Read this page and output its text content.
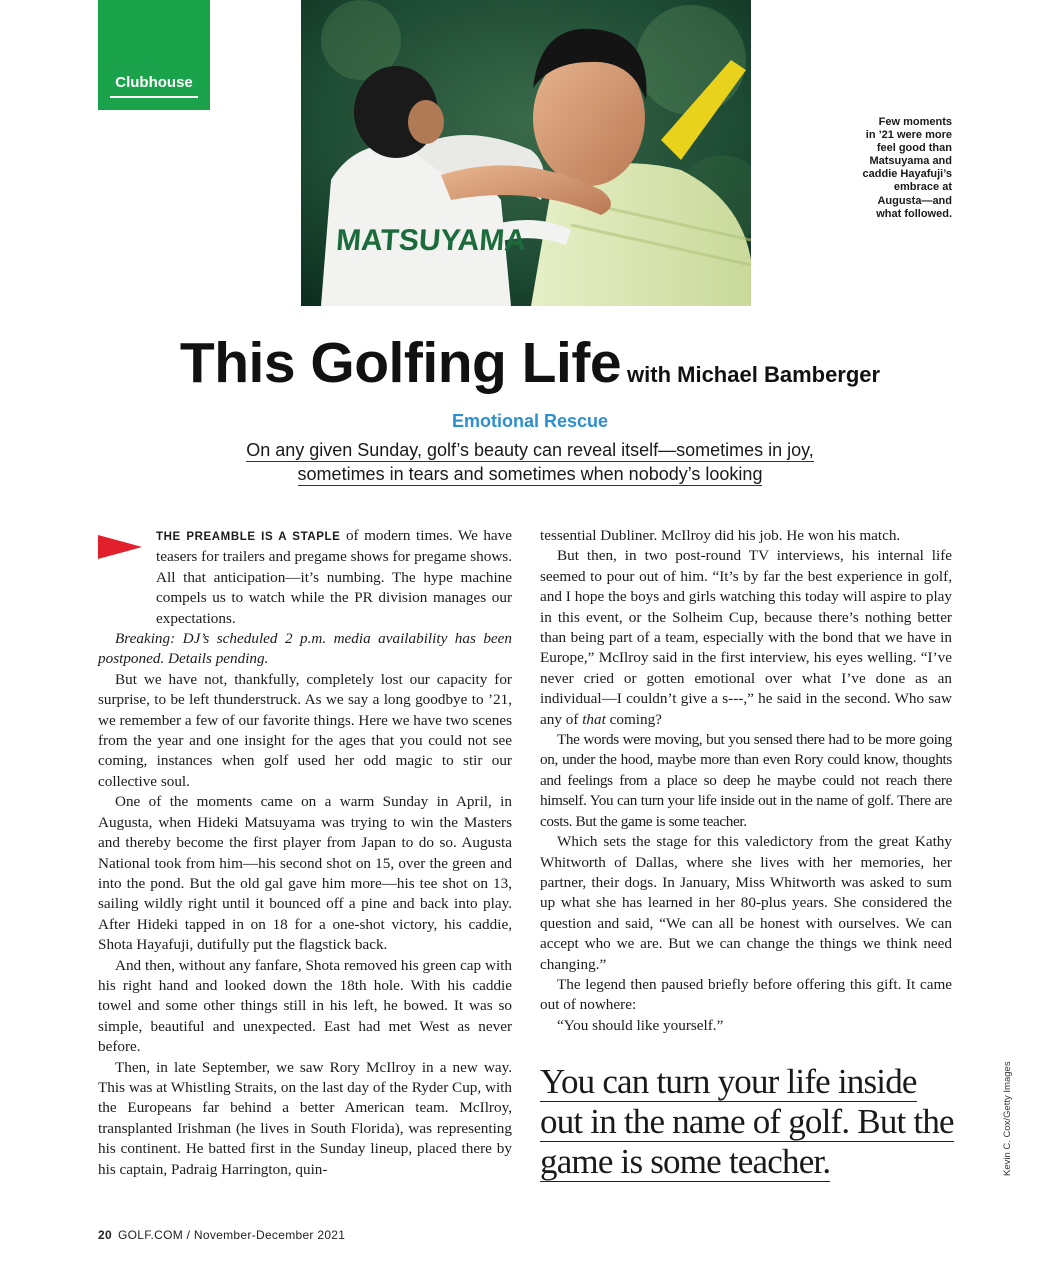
Clubhouse
MATSUYAMA
Few moments
in ’21 were more
feel good than
Matsuyama and
caddie Hayafuji’s
embrace at
Augusta—and
what followed.
This Golfing Life with Michael Bamberger
Emotional Rescue
On any given Sunday, golf’s beauty can reveal itself—sometimes in joy,
sometimes in tears and sometimes when nobody’s looking

THE PREAMBLE IS A STAPLE of modern times. We have teasers for trailers and pregame shows for pregame shows. All that anticipation—it’s numbing. The hype machine compels us to watch while the PR division manages our expectations.

Breaking: DJ’s scheduled 2 p.m. media availability has been postponed. Details pending.

But we have not, thankfully, completely lost our capacity for surprise, to be left thunderstruck. As we say a long goodbye to ’21, we remember a few of our favorite things. Here we have two scenes from the year and one insight for the ages that you could not see coming, instances when golf used her odd magic to stir our collective soul.

One of the moments came on a warm Sunday in April, in Augusta, when Hideki Matsuyama was trying to win the Masters and thereby become the first player from Japan to do so. Augusta National took from him—his second shot on 15, over the green and into the pond. But the old gal gave him more—his tee shot on 13, sailing wildly right until it bounced off a pine and back into play. After Hideki tapped in on 18 for a one-shot victory, his caddie, Shota Hayafuji, dutifully put the flagstick back.

And then, without any fanfare, Shota removed his green cap with his right hand and looked down the 18th hole. With his caddie towel and some other things still in his left, he bowed. It was so simple, beautiful and unexpected. East had met West as never before.

Then, in late September, we saw Rory McIlroy in a new way. This was at Whistling Straits, on the last day of the Ryder Cup, with the Europeans far behind a better American team. McIlroy, transplanted Irishman (he lives in South Florida), was representing his continent. He batted first in the Sunday lineup, placed there by his captain, Padraig Harrington, quin-

tessential Dubliner. McIlroy did his job. He won his match.

But then, in two post-round TV interviews, his internal life seemed to pour out of him. “It’s by far the best experience in golf, and I hope the boys and girls watching this today will aspire to play in this event, or the Solheim Cup, because there’s nothing better than being part of a team, especially with the bond that we have in Europe,” McIlroy said in the first interview, his eyes welling. “I’ve never cried or gotten emotional over what I’ve done as an individual—I couldn’t give a s---,” he said in the second. Who saw any of that coming?

The words were moving, but you sensed there had to be more going on, under the hood, maybe more than even Rory could know, thoughts and feelings from a place so deep he maybe could not reach there himself. You can turn your life inside out in the name of golf. There are costs. But the game is some teacher.

Which sets the stage for this valedictory from the great Kathy Whitworth of Dallas, where she lives with her memories, her partner, their dogs. In January, Miss Whitworth was asked to sum up what she has learned in her 80-plus years. She considered the question and said, “We can all be honest with ourselves. We can accept who we are. But we can change the things we think need changing.”

The legend then paused briefly before offering this gift. It came out of nowhere:

“You should like yourself.”

You can turn your life inside
out in the name of golf. But the
game is some teacher.	Kevin C. Cox/Getty Images
20 GOLF.COM / November-December 2021
